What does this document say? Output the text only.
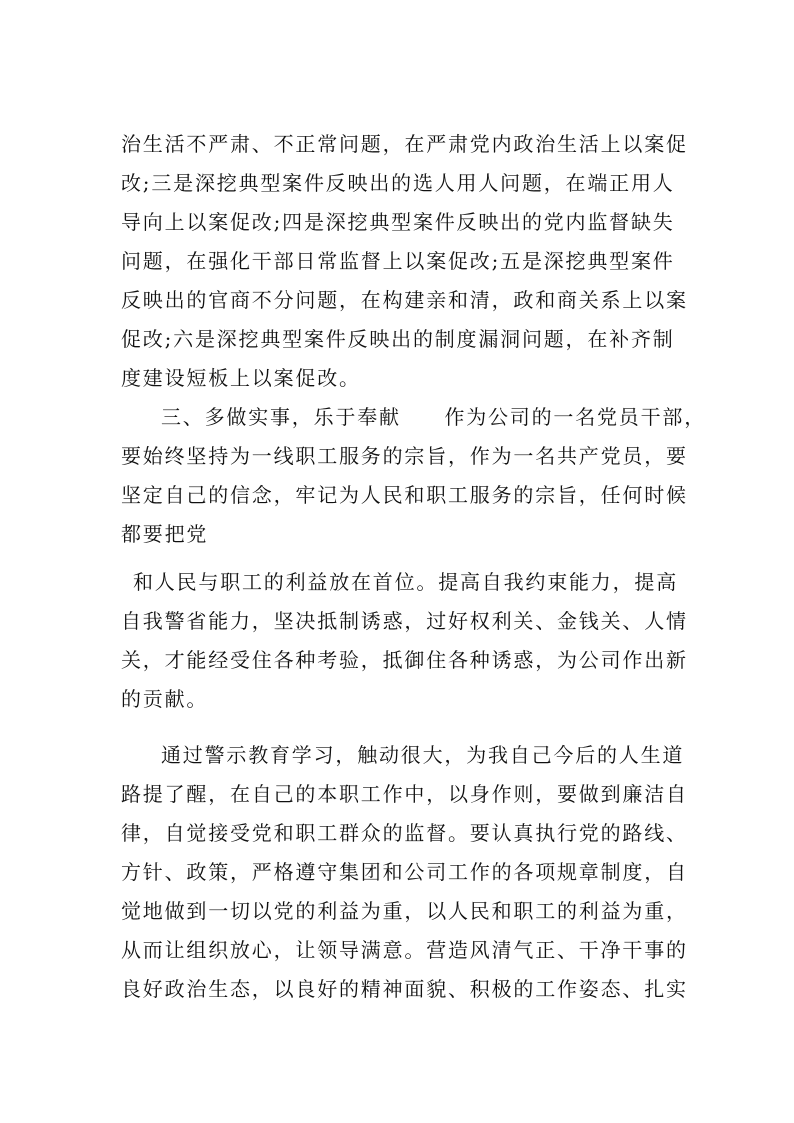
治生活不严肃、不正常问题，在严肃党内政治生活上以案促
改;三是深挖典型案件反映出的选人用人问题，在端正用人
导向上以案促改;四是深挖典型案件反映出的党内监督缺失
问题，在强化干部日常监督上以案促改;五是深挖典型案件
反映出的官商不分问题，在构建亲和清，政和商关系上以案
促改;六是深挖典型案件反映出的制度漏洞问题，在补齐制
度建设短板上以案促改。
三、多做实事，乐于奉献　　作为公司的一名党员干部，
要始终坚持为一线职工服务的宗旨，作为一名共产党员，要
坚定自己的信念，牢记为人民和职工服务的宗旨，任何时候
都要把党
和人民与职工的利益放在首位。提高自我约束能力，提高
自我警省能力，坚决抵制诱惑，过好权利关、金钱关、人情
关，才能经受住各种考验，抵御住各种诱惑，为公司作出新
的贡献。
通过警示教育学习，触动很大，为我自己今后的人生道
路提了醒，在自己的本职工作中，以身作则，要做到廉洁自
律，自觉接受党和职工群众的监督。要认真执行党的路线、
方针、政策，严格遵守集团和公司工作的各项规章制度，自
觉地做到一切以党的利益为重，以人民和职工的利益为重，
从而让组织放心，让领导满意。营造风清气正、干净干事的
良好政治生态，以良好的精神面貌、积极的工作姿态、扎实
